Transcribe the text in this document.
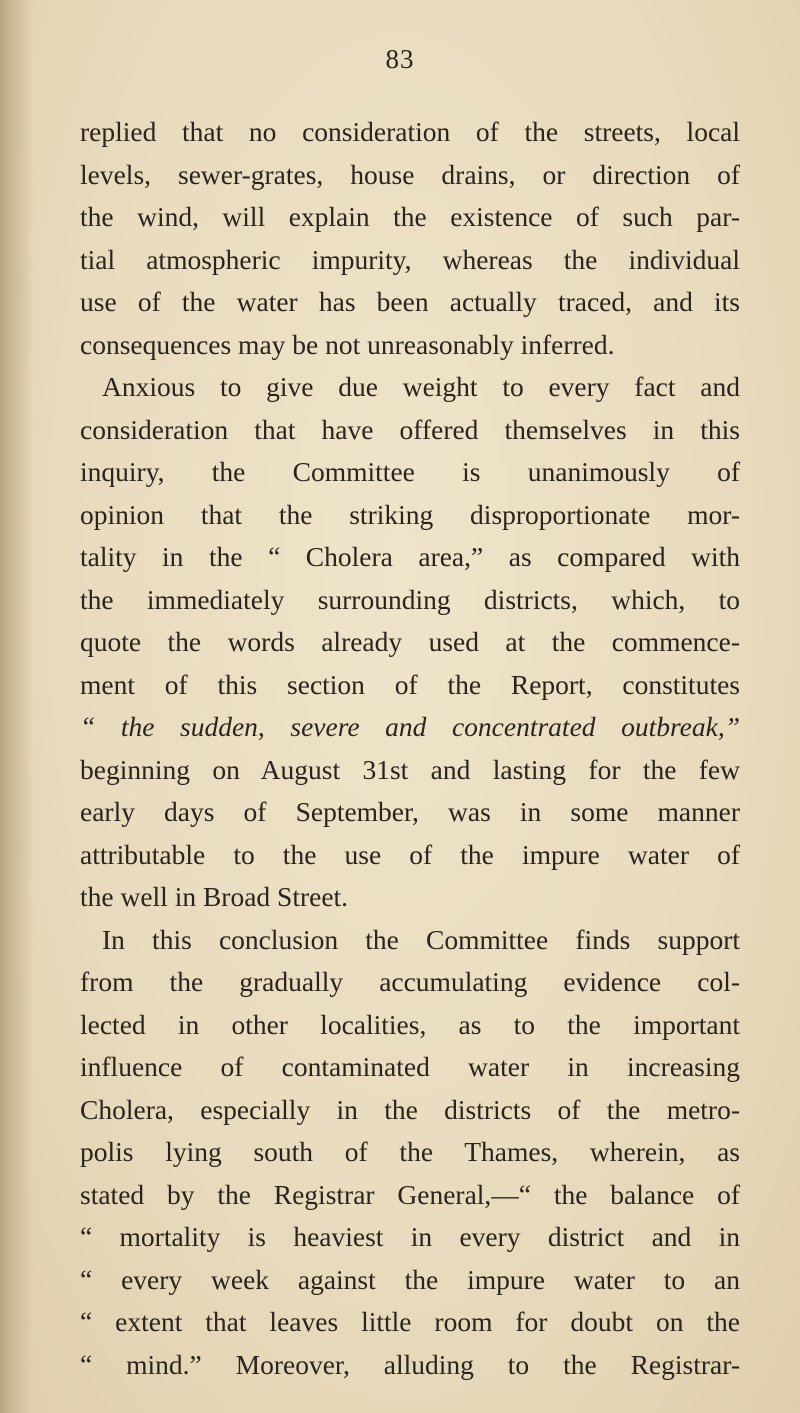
83
replied that no consideration of the streets, local
levels, sewer-grates, house drains, or direction of
the wind, will explain the existence of such par-
tial atmospheric impurity, whereas the individual
use of the water has been actually traced, and its
consequences may be not unreasonably inferred.
Anxious to give due weight to every fact and
consideration that have offered themselves in this
inquiry, the Committee is unanimously of
opinion that the striking disproportionate mor-
tality in the “ Cholera area,” as compared with
the immediately surrounding districts, which, to
quote the words already used at the commence-
ment of this section of the Report, constitutes
“ the sudden, severe and concentrated outbreak,”
beginning on August 31st and lasting for the few
early days of September, was in some manner
attributable to the use of the impure water of
the well in Broad Street.
In this conclusion the Committee finds support
from the gradually accumulating evidence col-
lected in other localities, as to the important
influence of contaminated water in increasing
Cholera, especially in the districts of the metro-
polis lying south of the Thames, wherein, as
stated by the Registrar General,—“ the balance of
“ mortality is heaviest in every district and in
“ every week against the impure water to an
“ extent that leaves little room for doubt on the
“ mind.” Moreover, alluding to the Registrar-
